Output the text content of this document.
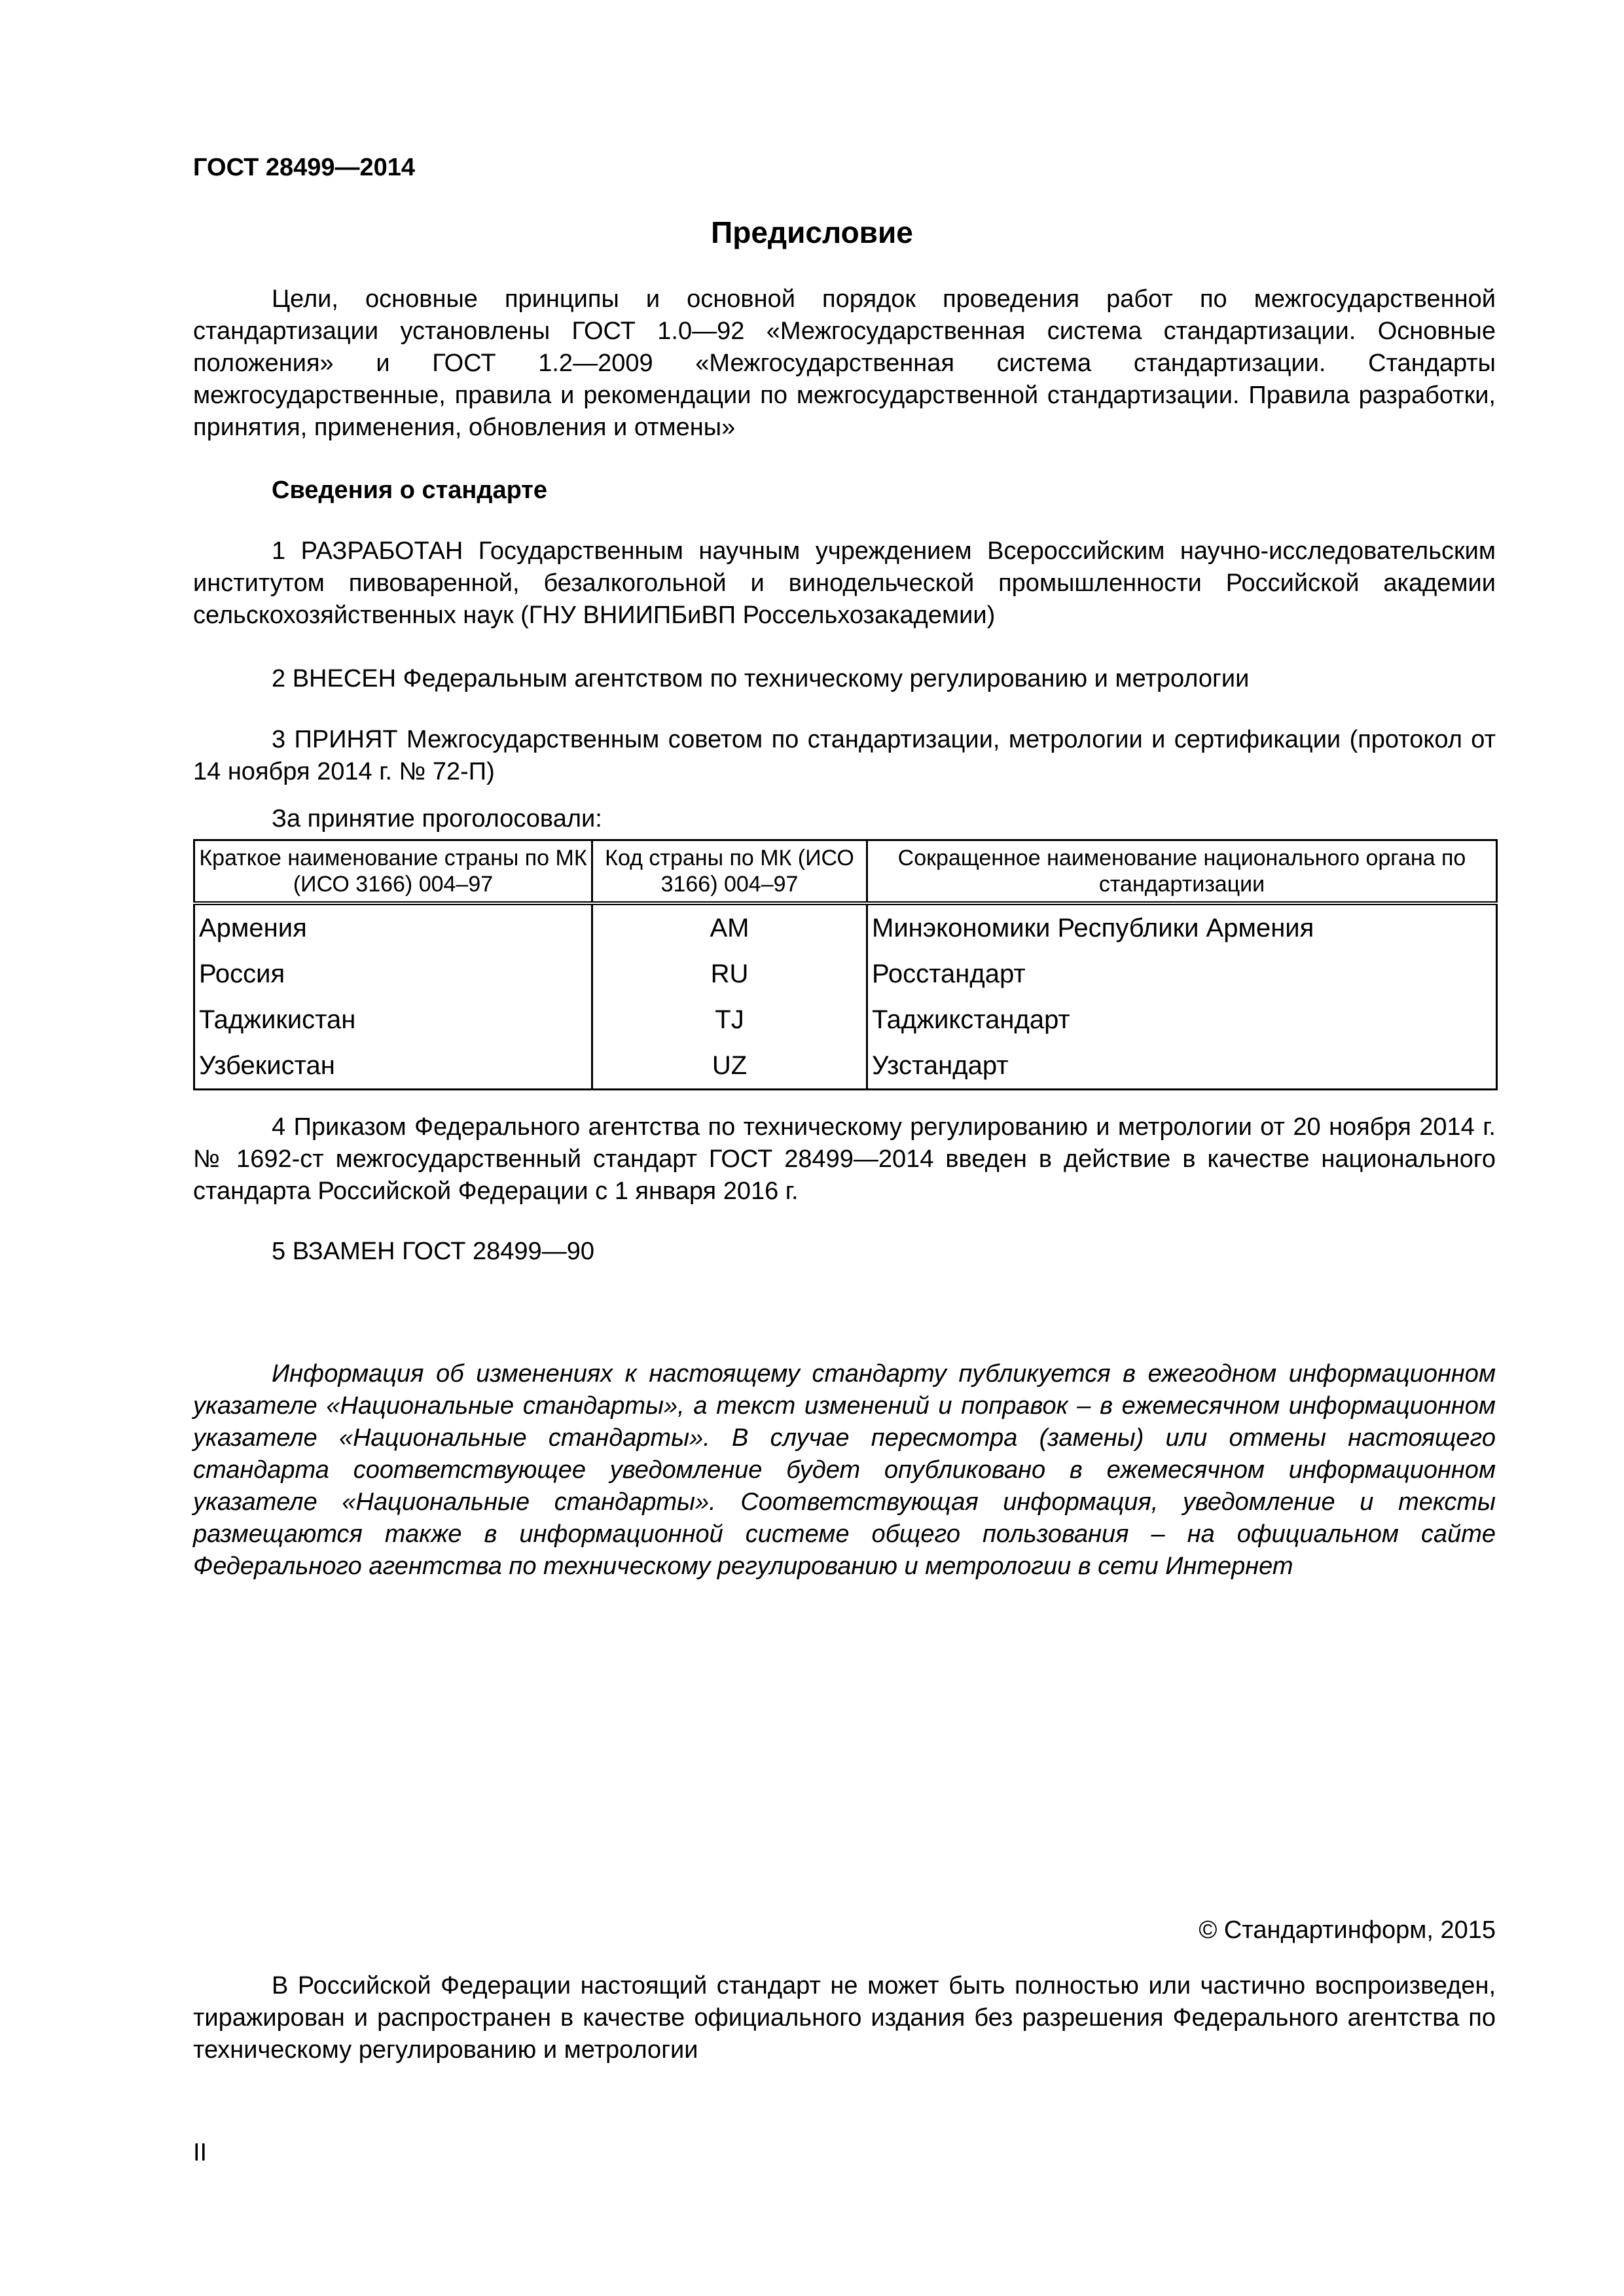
ГОСТ 28499—2014
Предисловие
Цели, основные принципы и основной порядок проведения работ по межгосударственной стандартизации установлены ГОСТ 1.0—92 «Межгосударственная система стандартизации. Основные положения» и ГОСТ 1.2—2009 «Межгосударственная система стандартизации. Стандарты межгосударственные, правила и рекомендации по межгосударственной стандартизации. Правила разработки, принятия, применения, обновления и отмены»
Сведения о стандарте
1 РАЗРАБОТАН Государственным научным учреждением Всероссийским научно-исследовательским институтом пивоваренной, безалкогольной и винодельческой промышленности Российской академии сельскохозяйственных наук (ГНУ ВНИИПБиВП Россельхозакадемии)
2 ВНЕСЕН Федеральным агентством по техническому регулированию и метрологии
3 ПРИНЯТ Межгосударственным советом по стандартизации, метрологии и сертификации (протокол от 14 ноября 2014 г. № 72-П)
За принятие проголосовали:
Краткое наименование страны по МК (ИСО 3166) 004–97	Код страны по МК (ИСО 3166) 004–97	Сокращенное наименование национального органа по стандартизации
Армения	AM	Минэкономики Республики Армения
Россия	RU	Росстандарт
Таджикистан	TJ	Таджикстандарт
Узбекистан	UZ	Узстандарт
4 Приказом Федерального агентства по техническому регулированию и метрологии от 20 ноября 2014 г. № 1692-ст межгосударственный стандарт ГОСТ 28499—2014 введен в действие в качестве национального стандарта Российской Федерации с 1 января 2016 г.
5 ВЗАМЕН ГОСТ 28499—90
Информация об изменениях к настоящему стандарту публикуется в ежегодном информационном указателе «Национальные стандарты», а текст изменений и поправок – в ежемесячном информационном указателе «Национальные стандарты». В случае пересмотра (замены) или отмены настоящего стандарта соответствующее уведомление будет опубликовано в ежемесячном информационном указателе «Национальные стандарты». Соответствующая информация, уведомление и тексты размещаются также в информационной системе общего пользования – на официальном сайте Федерального агентства по техническому регулированию и метрологии в сети Интернет
© Стандартинформ, 2015
В Российской Федерации настоящий стандарт не может быть полностью или частично воспроизведен, тиражирован и распространен в качестве официального издания без разрешения Федерального агентства по техническому регулированию и метрологии
II
